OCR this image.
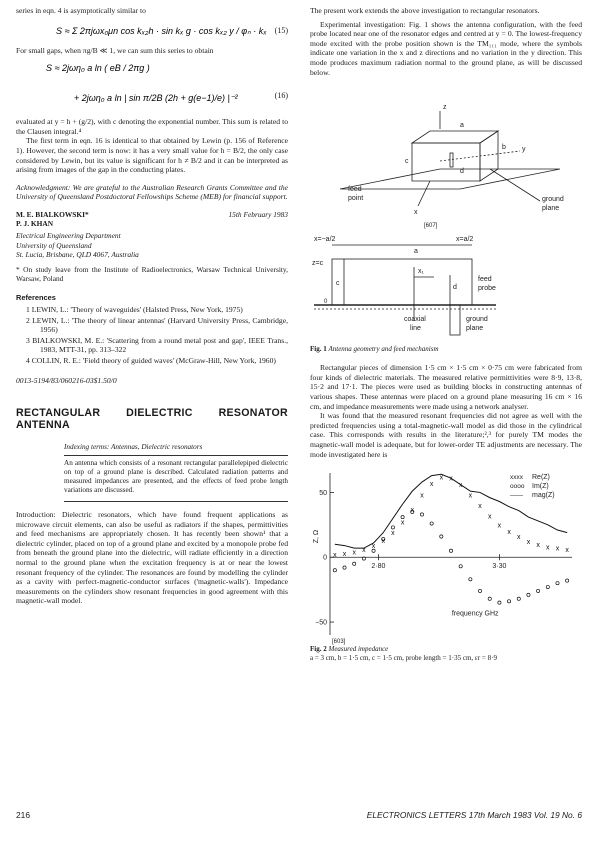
series in eqn. 4 is asymptotically similar to

S ≈ Σ 2πjωx₀μn cos kₓ₂h · sin kₓ g · cos kₓ₂ y / φₙ · kₓ (15)

For small gaps, when πg/B ≪ 1, we can sum this series to obtain

S ≈ 2jωη₀ a ln ( eB / 2πg )
+ 2jωη₀ a ln | sin π/2B (2h + g(e−1)/e) |⁻²	(16)

evaluated at y = h + (g/2), with c denoting the exponential number. This sum is related to the Clausen integral.⁴

The first term in eqn. 16 is identical to that obtained by Lewin (p. 156 of Reference 1). However, the second term is now: it has a very small value for h = B/2, the only case considered by Lewin, but its value is significant for h ≠ B/2 and it can be interpreted as arising from images of the gap in the conducting plates.

Acknowledgment: We are grateful to the Australian Research Grants Committee and the University of Queensland Postdoctoral Fellowships Scheme (MEB) for financial support.

M. E. BIALKOWSKI*	15th February 1983
P. J. KHAN
Electrical Engineering Department
University of Queensland
St. Lucia, Brisbane, QLD 4067, Australia
* On study leave from the Institute of Radioelectronics, Warsaw Technical University, Warsaw, Poland
References
1 LEWIN, L.: 'Theory of waveguides' (Halsted Press, New York, 1975)
2 LEWIN, L.: 'The theory of linear antennas' (Harvard University Press, Cambridge, 1956)
3 BIALKOWSKI, M. E.: 'Scattering from a round metal post and gap', IEEE Trans., 1983, MTT-31, pp. 313–322
4 COLLIN, R. E.: 'Field theory of guided waves' (McGraw-Hill, New York, 1960)
0013-5194/83/060216-03$1.50/0
RECTANGULAR DIELECTRIC RESONATOR ANTENNA
Indexing terms: Antennas, Dielectric resonators
An antenna which consists of a resonant rectangular parallelepiped dielectric on top of a ground plane is described. Calculated radiation patterns and measured impedances are presented, and the effects of feed probe length variations are discussed.

Introduction: Dielectric resonators, which have found frequent applications as microwave circuit elements, can also be useful as radiators if the shapes, permittivities and feed mechanisms are appropriately chosen. It has recently been shown¹ that a dielectric cylinder, placed on top of a ground plane and excited by a monopole probe fed from beneath the ground plane into the dielectric, will radiate efficiently in a direction normal to the ground plane when the excitation frequency is at or near the lowest resonant frequency of the cylinder. The resonances are found by modelling the cylinder as a cavity with perfect-magnetic-conductor surfaces ('magnetic-walls'). Impedance measurements on the cylinders show resonant frequencies in good agreement with this magnetic-wall model.

The present work extends the above investigation to rectangular resonators.

Experimental investigation: Fig. 1 shows the antenna configuration, with the feed probe located near one of the resonator edges and centred at y = 0. The lowest-frequency mode excited with the probe position shown is the TM₁₁₁ mode, where the symbols indicate one variation in the x and z directions and no variation in the y direction. This mode produces maximum radiation normal to the ground plane, as will be discussed below.

z
y
x
a
b
c
d
feed
point	ground
plane
[607]
x=−a/2	x=a/2
a
z=c
c
x₁
d
feed
probe
0
coaxial
line
ground
plane
Fig. 1 Antenna geometry and feed mechanism

Rectangular pieces of dimension 1·5 cm × 1·5 cm × 0·75 cm were fabricated from four kinds of dielectric materials. The measured relative permittivities were 8·9, 13·8, 15·2 and 17·1. The pieces were used as building blocks in constructing antennas of various shapes. These antennas were placed on a ground plane measuring 16 cm × 16 cm, and impedance measurements were made using a network analyser.

It was found that the measured resonant frequencies did not agree as well with the predicted frequencies using a total-magnetic-wall model as did those in the cylindrical case. This corresponds with results in the literature;²,³ for purely TM modes the magnetic-wall model is adequate, but for lower-order TE adjustments are necessary. The mode investigated here is

50
0
−50
2·80	3·30
Z, Ω
frequency GHz
x x x x
x
x
x
x
x
x
x
x x
x
x
x
x
x
x
x
x x x x x
xxxx Re(Z)
oooo Im(Z)
—— mag(Z)
[603]
Fig. 2 Measured impedance
a = 3 cm, b = 1·5 cm, c = 1·5 cm, probe length = 1·35 cm, εr = 8·9
216	ELECTRONICS LETTERS 17th March 1983 Vol. 19 No. 6
